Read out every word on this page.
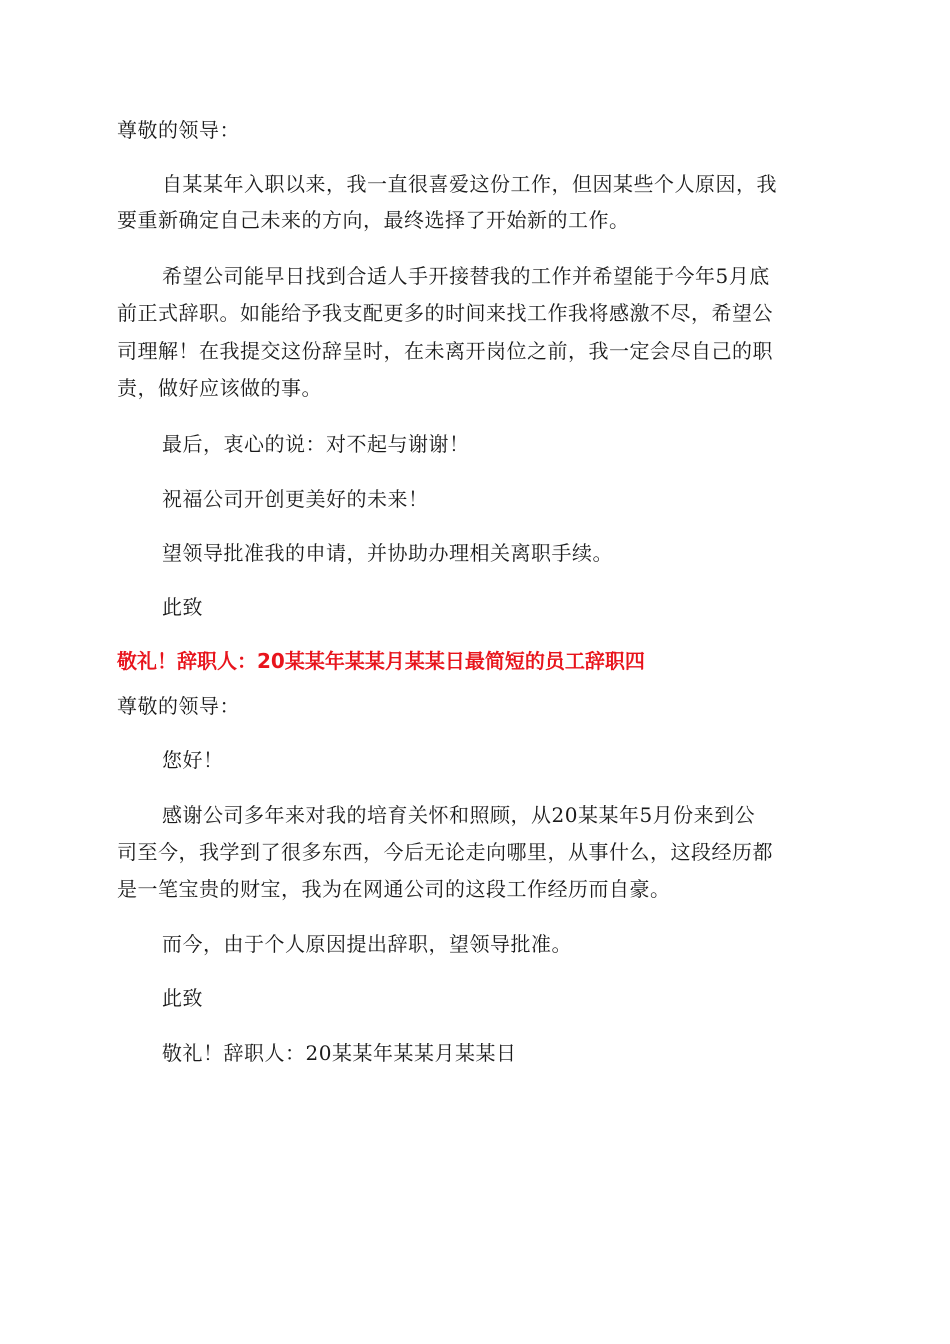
尊敬的领导：
自某某年入职以来，我一直很喜爱这份工作，但因某些个人原因，我
要重新确定自己未来的方向，最终选择了开始新的工作。
希望公司能早日找到合适人手开接替我的工作并希望能于今年5月底
前正式辞职。如能给予我支配更多的时间来找工作我将感激不尽，希望公
司理解！在我提交这份辞呈时，在未离开岗位之前，我一定会尽自己的职
责，做好应该做的事。
最后，衷心的说：对不起与谢谢！
祝福公司开创更美好的未来！
望领导批准我的申请，并协助办理相关离职手续。
此致
敬礼！辞职人：20某某年某某月某某日最简短的员工辞职四
尊敬的领导：
您好！
感谢公司多年来对我的培育关怀和照顾，从20某某年5月份来到公
司至今，我学到了很多东西，今后无论走向哪里，从事什么，这段经历都
是一笔宝贵的财宝，我为在网通公司的这段工作经历而自豪。
而今，由于个人原因提出辞职，望领导批准。
此致
敬礼！辞职人：20某某年某某月某某日
